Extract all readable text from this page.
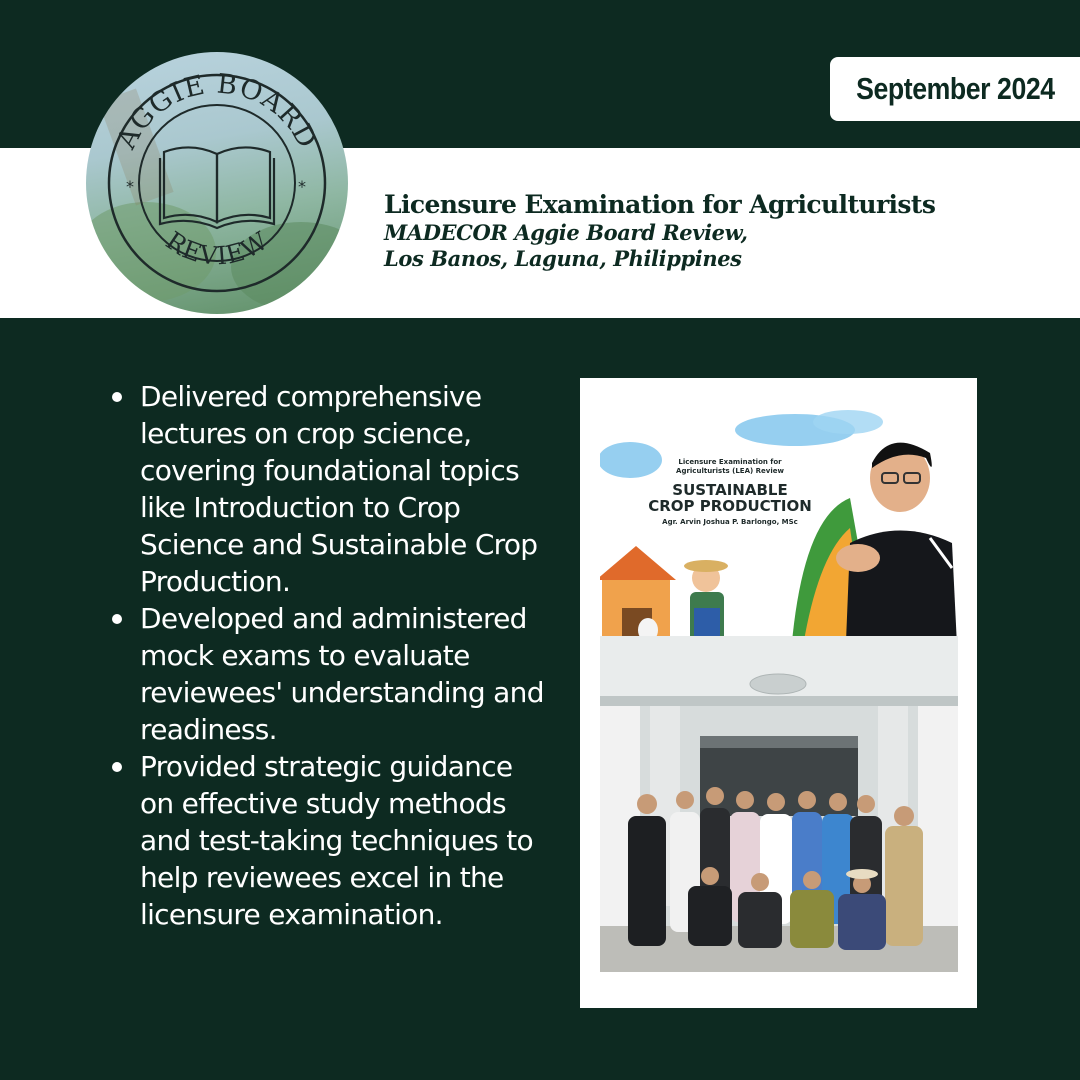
September 2024
AGGIE BOARD
REVIEW
*	*
Licensure Examination for Agriculturists
MADECOR Aggie Board Review,
Los Banos, Laguna, Philippines
Delivered comprehensive lectures on crop science, covering foundational topics like Introduction to Crop Science and Sustainable Crop Production.
Developed and administered mock exams to evaluate reviewees' understanding and readiness.
Provided strategic guidance on effective study methods and test-taking techniques to help reviewees excel in the licensure examination.
Licensure Examination for Agriculturists (LEA) Review
SUSTAINABLE
CROP PRODUCTION
Agr. Arvin Joshua P. Barlongo, MSc
